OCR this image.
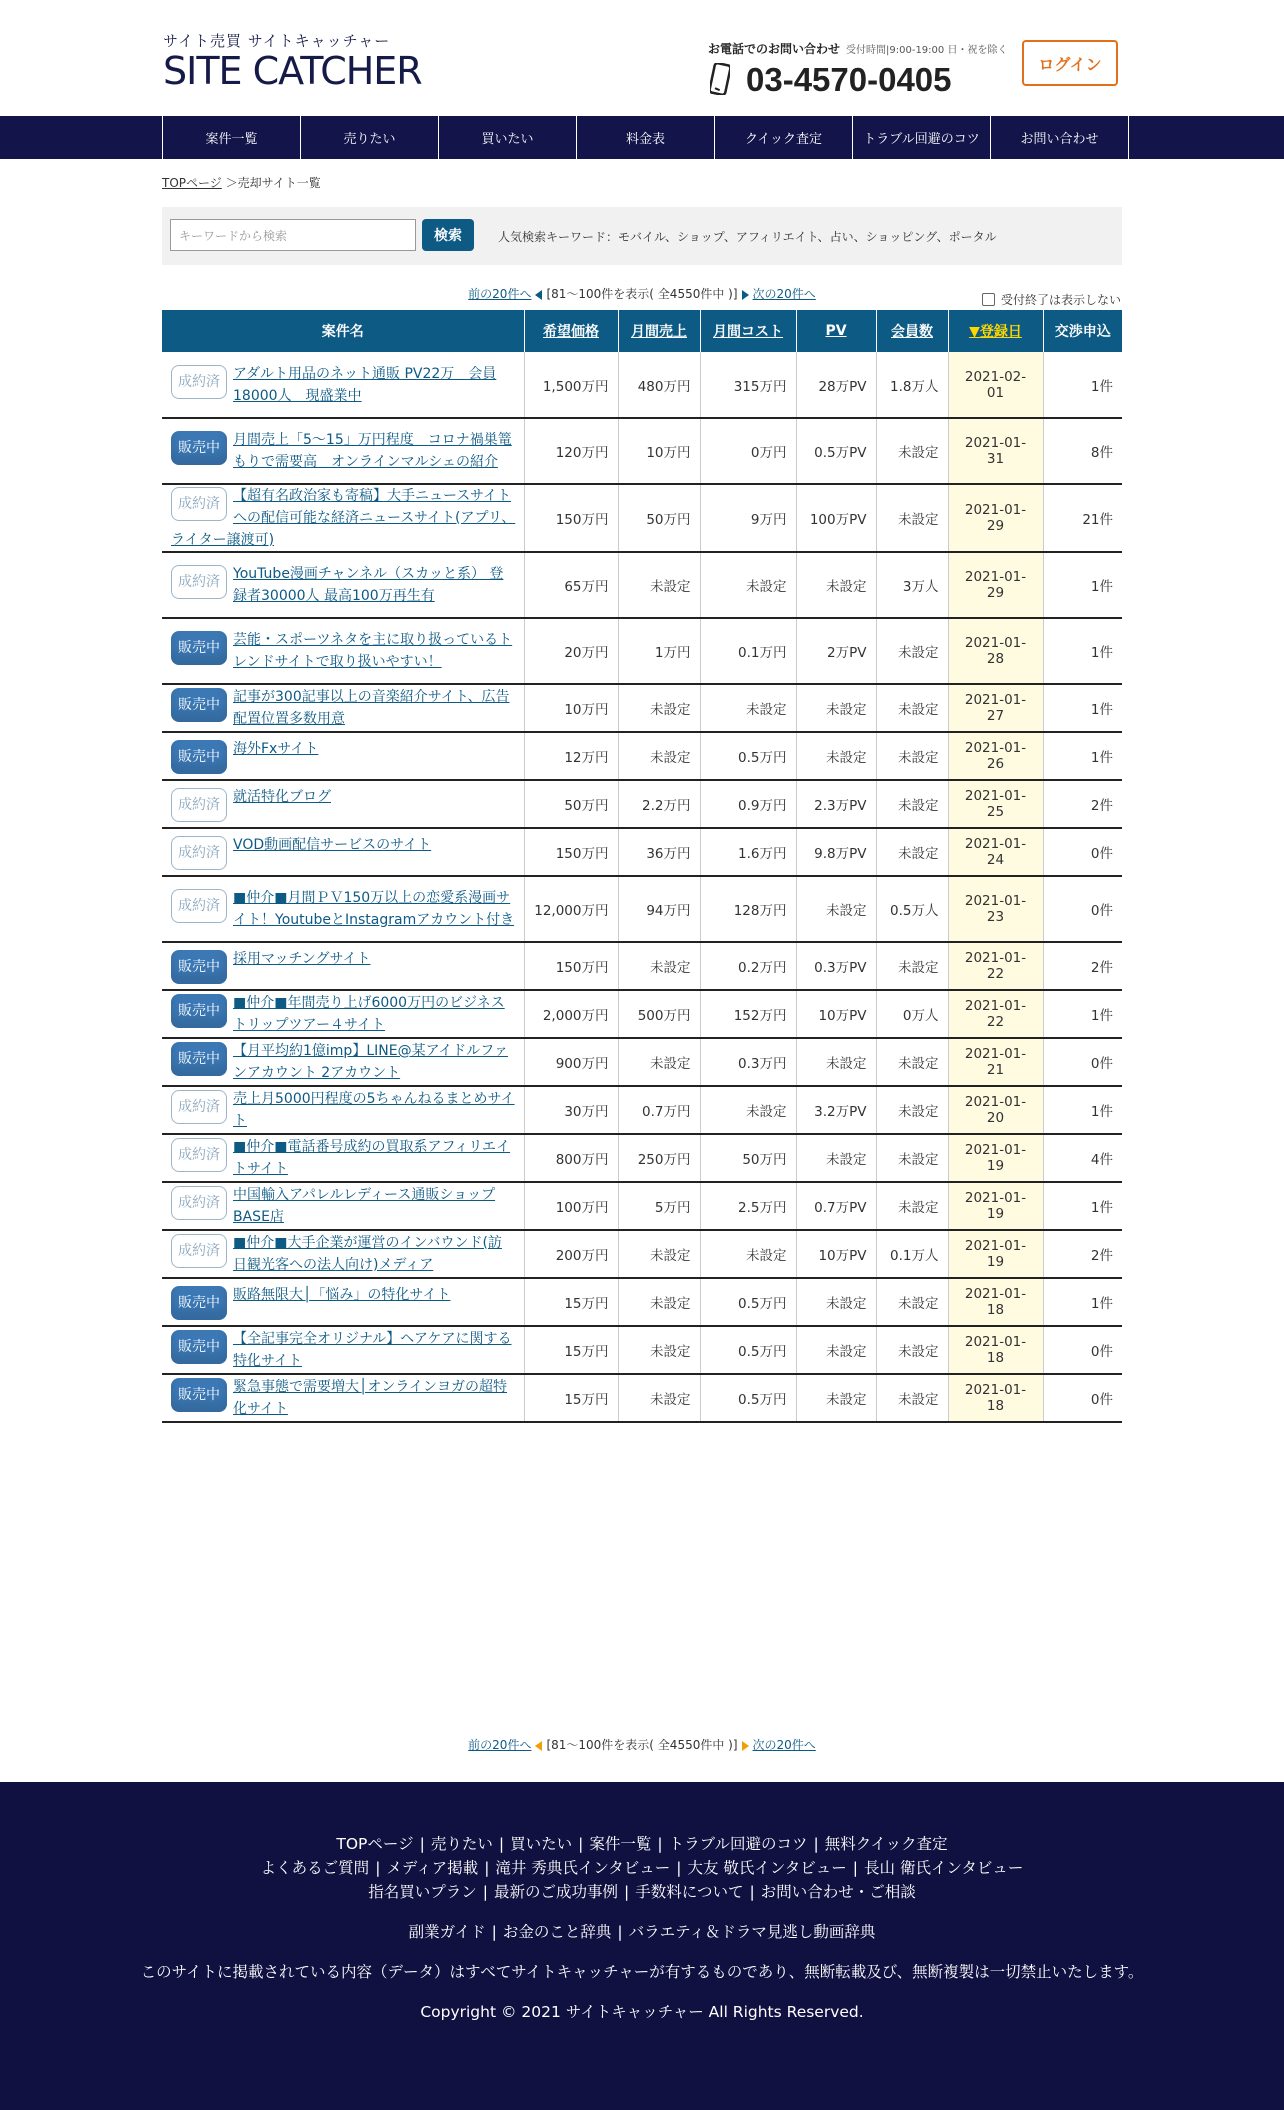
サイト売買 サイトキャッチャー
SITE CATCHER	お電話でのお問い合わせ 受付時間|9:00-19:00 日・祝を除く
03-4570-0405	ログイン
案件一覧	売りたい	買いたい	料金表	クイック査定	トラブル回避のコツ	お問い合わせ
TOPページ ＞売却サイト一覧
キーワードから検索	検索	人気検索キーワード：モバイル、ショップ、アフィリエイト、占い、ショッピング、ポータル
前の20件へ [81～100件を表示( 全4550件中 )] 次の20件へ	受付終了は表示しない
案件名	希望価格	月間売上	月間コスト	PV	会員数	▼登録日	交渉申込

成約済 アダルト用品のネット通販 PV22万　会員18000人　現盛業中	1,500万円	480万円	315万円	28万PV	1.8万人	2021-02-01	1件

販売中 月間売上「5〜15」万円程度　コロナ禍巣篭もりで需要高　オンラインマルシェの紹介	120万円	10万円	0万円	0.5万PV	未設定	2021-01-31	8件

成約済 【超有名政治家も寄稿】大手ニュースサイトへの配信可能な経済ニュースサイト(アプリ、ライター譲渡可)	150万円	50万円	9万円	100万PV	未設定	2021-01-29	21件

成約済 YouTube漫画チャンネル（スカッと系） 登録者30000人 最高100万再生有	65万円	未設定	未設定	未設定	3万人	2021-01-29	1件

販売中 芸能・スポーツネタを主に取り扱っているトレンドサイトで取り扱いやすい！	20万円	1万円	0.1万円	2万PV	未設定	2021-01-28	1件

販売中 記事が300記事以上の音楽紹介サイト、広告配置位置多数用意	10万円	未設定	未設定	未設定	未設定	2021-01-27	1件

販売中 海外Fxサイト	12万円	未設定	0.5万円	未設定	未設定	2021-01-26	1件

成約済 就活特化ブログ	50万円	2.2万円	0.9万円	2.3万PV	未設定	2021-01-25	2件

成約済 VOD動画配信サービスのサイト	150万円	36万円	1.6万円	9.8万PV	未設定	2021-01-24	0件

成約済 ■仲介■月間ＰＶ150万以上の恋愛系漫画サイト！YoutubeとInstagramアカウント付き	12,000万円	94万円	128万円	未設定	0.5万人	2021-01-23	0件

販売中 採用マッチングサイト	150万円	未設定	0.2万円	0.3万PV	未設定	2021-01-22	2件

販売中 ■仲介■年間売り上げ6000万円のビジネストリップツアー４サイト	2,000万円	500万円	152万円	10万PV	0万人	2021-01-22	1件

販売中 【月平均約1億imp】LINE@某アイドルファンアカウント 2アカウント	900万円	未設定	0.3万円	未設定	未設定	2021-01-21	0件

成約済 売上月5000円程度の5ちゃんねるまとめサイト	30万円	0.7万円	未設定	3.2万PV	未設定	2021-01-20	1件

成約済 ■仲介■電話番号成約の買取系アフィリエイトサイト	800万円	250万円	50万円	未設定	未設定	2021-01-19	4件

成約済 中国輸入アパレルレディース通販ショップBASE店	100万円	5万円	2.5万円	0.7万PV	未設定	2021-01-19	1件

成約済 ■仲介■大手企業が運営のインバウンド(訪日観光客への法人向け)メディア	200万円	未設定	未設定	10万PV	0.1万人	2021-01-19	2件

販売中 販路無限大│「悩み」の特化サイト	15万円	未設定	0.5万円	未設定	未設定	2021-01-18	1件

販売中 【全記事完全オリジナル】ヘアケアに関する特化サイト	15万円	未設定	0.5万円	未設定	未設定	2021-01-18	0件

販売中 緊急事態で需要増大│オンラインヨガの超特化サイト	15万円	未設定	0.5万円	未設定	未設定	2021-01-18	0件
前の20件へ [81～100件を表示( 全4550件中 )] 次の20件へ
TOPページ | 売りたい | 買いたい | 案件一覧 | トラブル回避のコツ | 無料クイック査定
よくあるご質問 | メディア掲載 | 滝井 秀典氏インタビュー | 大友 敬氏インタビュー | 長山 衛氏インタビュー
指名買いプラン | 最新のご成功事例 | 手数料について | お問い合わせ・ご相談
副業ガイド | お金のこと辞典 | バラエティ＆ドラマ見逃し動画辞典
このサイトに掲載されている内容（データ）はすべてサイトキャッチャーが有するものであり、無断転載及び、無断複製は一切禁止いたします。
Copyright © 2021 サイトキャッチャー All Rights Reserved.
